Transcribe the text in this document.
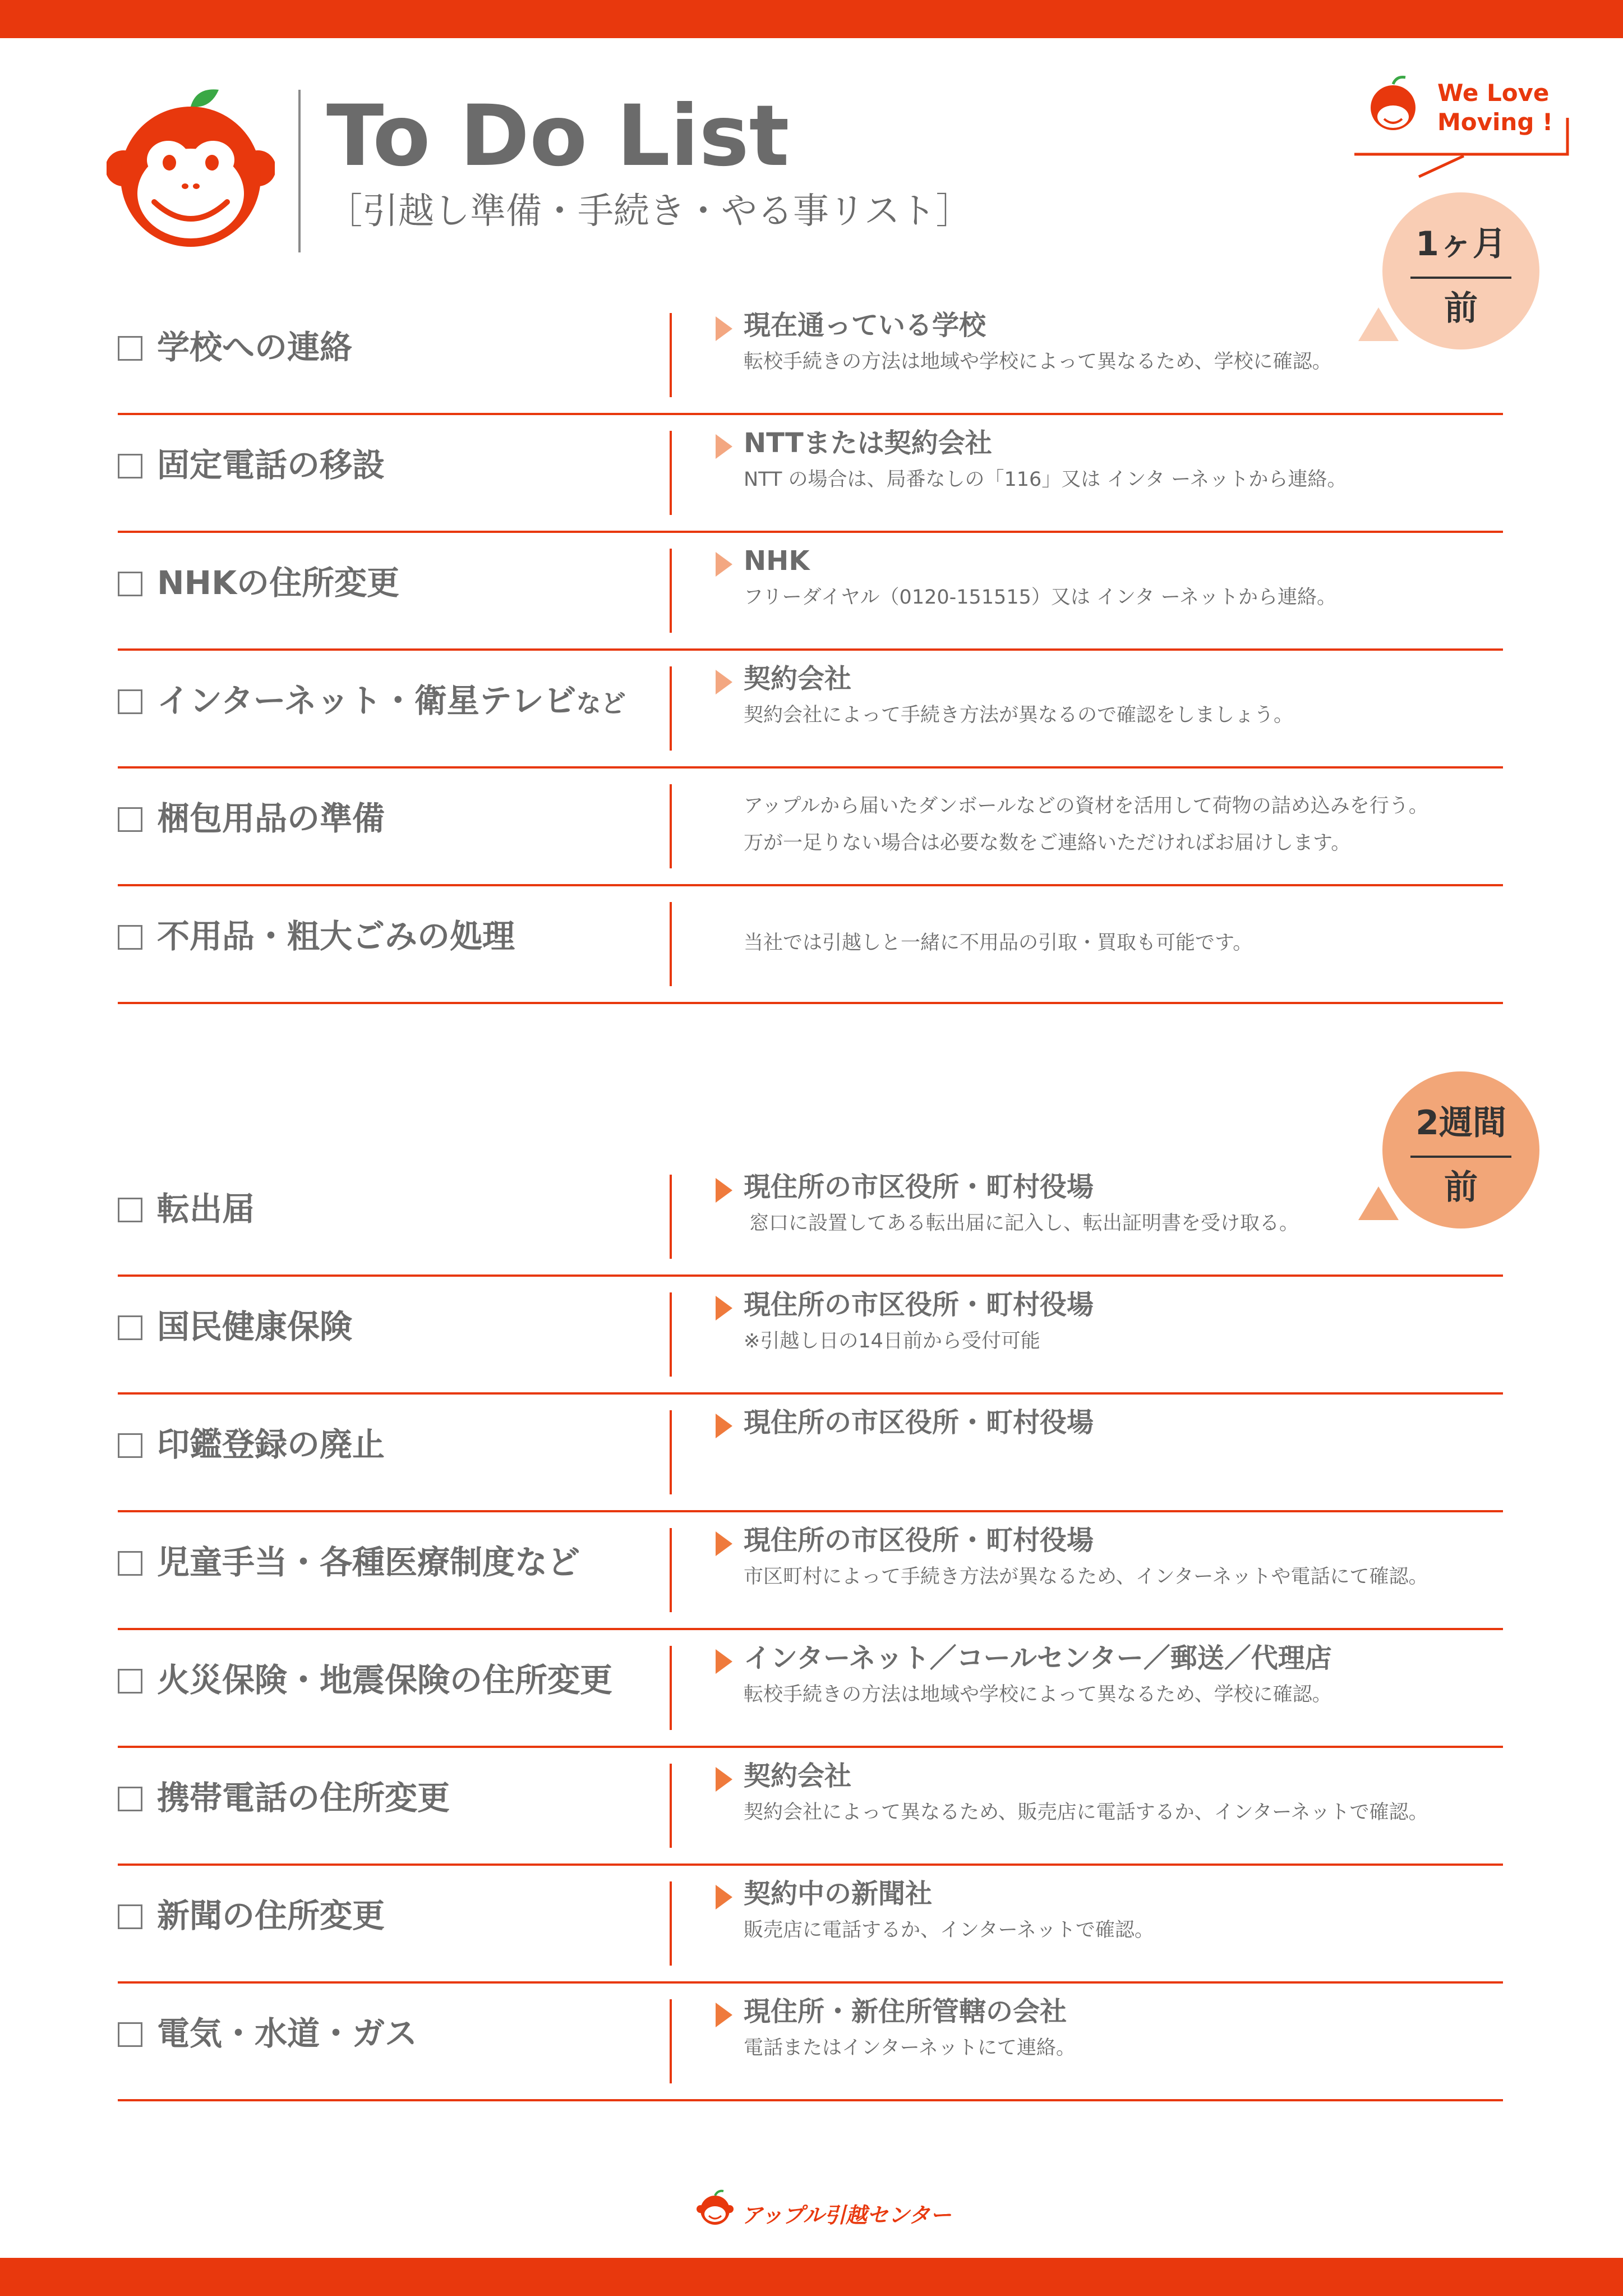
To Do List
［引越し準備・手続き・やる事リスト］
We Love
Moving !
1ヶ月
前
学校への連絡
現在通っている学校
転校手続きの方法は地域や学校によって異なるため、学校に確認。
固定電話の移設
NTTまたは契約会社
NTT の場合は、局番なしの「116」又は インタ ーネットから連絡。
NHKの住所変更
NHK
フリーダイヤル（0120-151515）又は インタ ーネットから連絡。
インターネット・衛星テレビなど
契約会社
契約会社によって手続き方法が異なるので確認をしましょう。
梱包用品の準備	アップルから届いたダンボールなどの資材を活用して荷物の詰め込みを行う。
万が一足りない場合は必要な数をご連絡いただければお届けします。
不用品・粗大ごみの処理	当社では引越しと一緒に不用品の引取・買取も可能です。
2週間
前
転出届
現住所の市区役所・町村役場
窓口に設置してある転出届に記入し、転出証明書を受け取る。
国民健康保険
現住所の市区役所・町村役場
※引越し日の14日前から受付可能
印鑑登録の廃止
現住所の市区役所・町村役場
児童手当・各種医療制度など
現住所の市区役所・町村役場
市区町村によって手続き方法が異なるため、インターネットや電話にて確認。
火災保険・地震保険の住所変更
インターネット／コールセンター／郵送／代理店
転校手続きの方法は地域や学校によって異なるため、学校に確認。
携帯電話の住所変更
契約会社
契約会社によって異なるため、販売店に電話するか、インターネットで確認。
新聞の住所変更
契約中の新聞社
販売店に電話するか、インターネットで確認。
電気・水道・ガス
現住所・新住所管轄の会社
電話またはインターネットにて連絡。
アップル引越センター
